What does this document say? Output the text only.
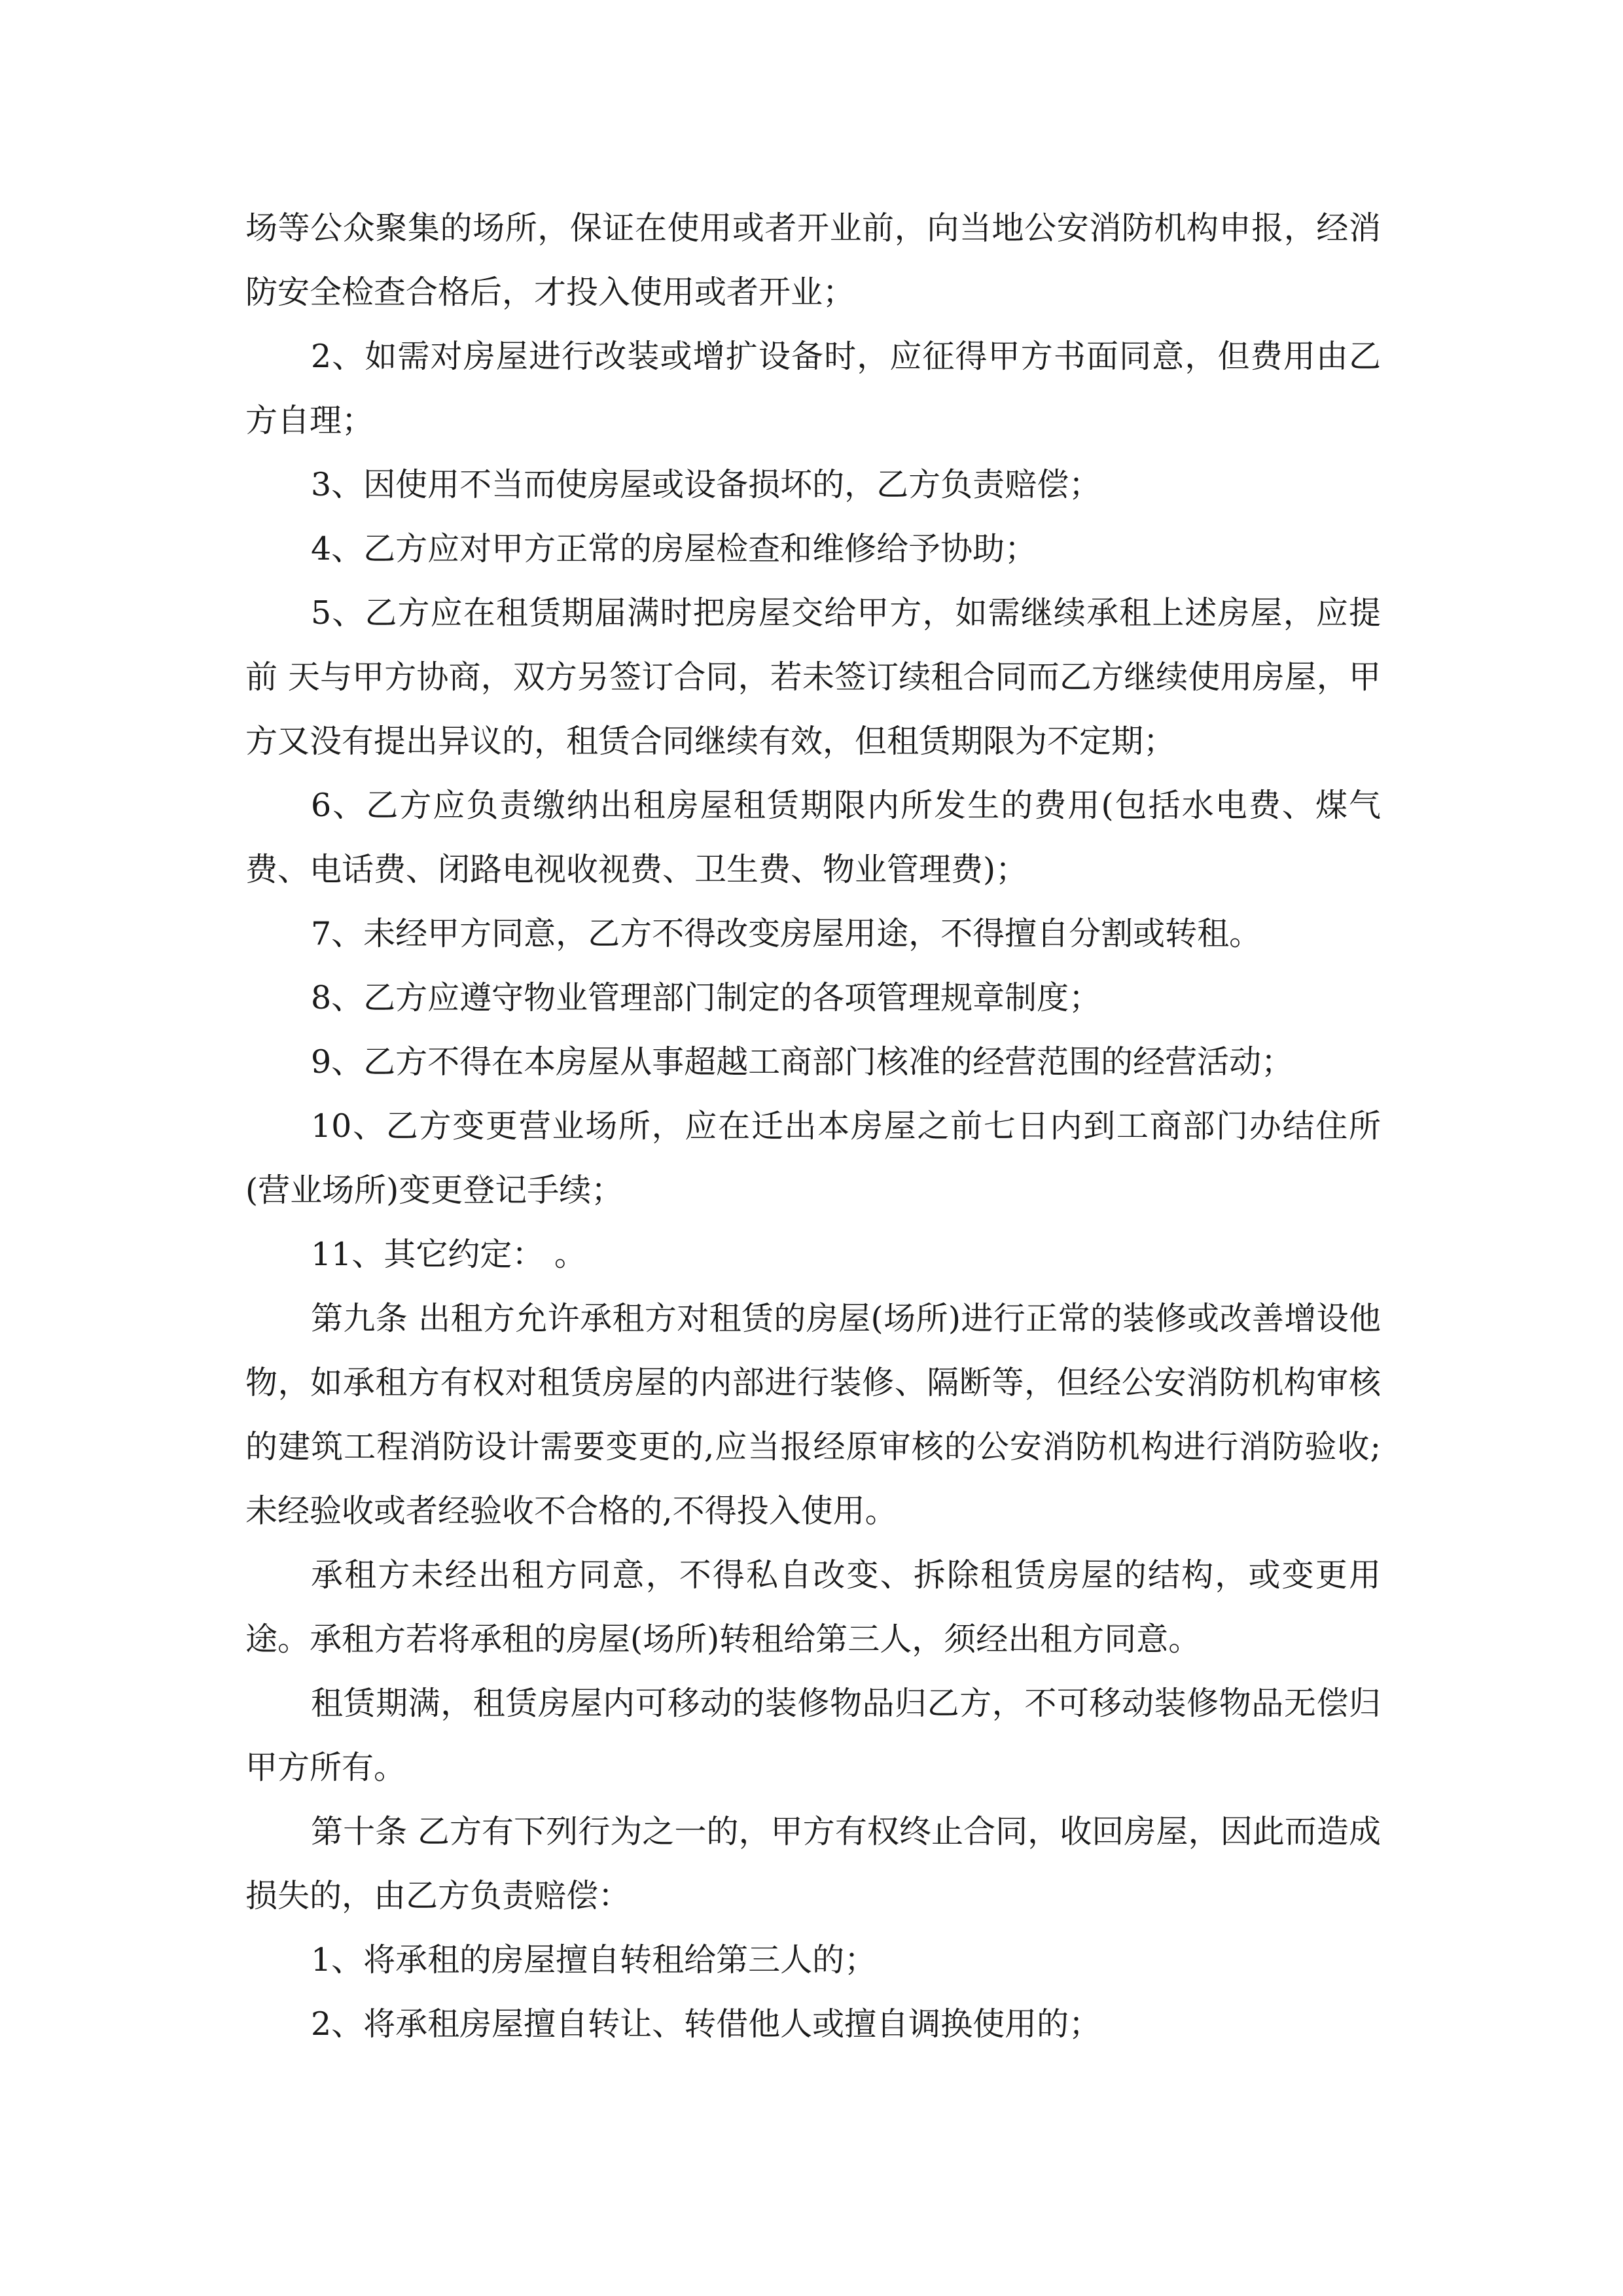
场等公众聚集的场所，保证在使用或者开业前，向当地公安消防机构申报，经消防安全检查合格后，才投入使用或者开业；

2、如需对房屋进行改装或增扩设备时，应征得甲方书面同意，但费用由乙方自理；

3、因使用不当而使房屋或设备损坏的，乙方负责赔偿；

4、乙方应对甲方正常的房屋检查和维修给予协助；

5、乙方应在租赁期届满时把房屋交给甲方，如需继续承租上述房屋，应提前 天与甲方协商，双方另签订合同，若未签订续租合同而乙方继续使用房屋，甲方又没有提出异议的，租赁合同继续有效，但租赁期限为不定期；

6、乙方应负责缴纳出租房屋租赁期限内所发生的费用(包括水电费、煤气费、电话费、闭路电视收视费、卫生费、物业管理费)；

7、未经甲方同意，乙方不得改变房屋用途，不得擅自分割或转租。

8、乙方应遵守物业管理部门制定的各项管理规章制度；

9、乙方不得在本房屋从事超越工商部门核准的经营范围的经营活动；

10、乙方变更营业场所，应在迁出本房屋之前七日内到工商部门办结住所(营业场所)变更登记手续；

11、其它约定： 。

第九条 出租方允许承租方对租赁的房屋(场所)进行正常的装修或改善增设他物，如承租方有权对租赁房屋的内部进行装修、隔断等，但经公安消防机构审核的建筑工程消防设计需要变更的,应当报经原审核的公安消防机构进行消防验收;未经验收或者经验收不合格的,不得投入使用。

承租方未经出租方同意，不得私自改变、拆除租赁房屋的结构，或变更用途。承租方若将承租的房屋(场所)转租给第三人，须经出租方同意。

租赁期满，租赁房屋内可移动的装修物品归乙方，不可移动装修物品无偿归甲方所有。

第十条 乙方有下列行为之一的，甲方有权终止合同，收回房屋，因此而造成损失的，由乙方负责赔偿：

1、将承租的房屋擅自转租给第三人的；

2、将承租房屋擅自转让、转借他人或擅自调换使用的；
